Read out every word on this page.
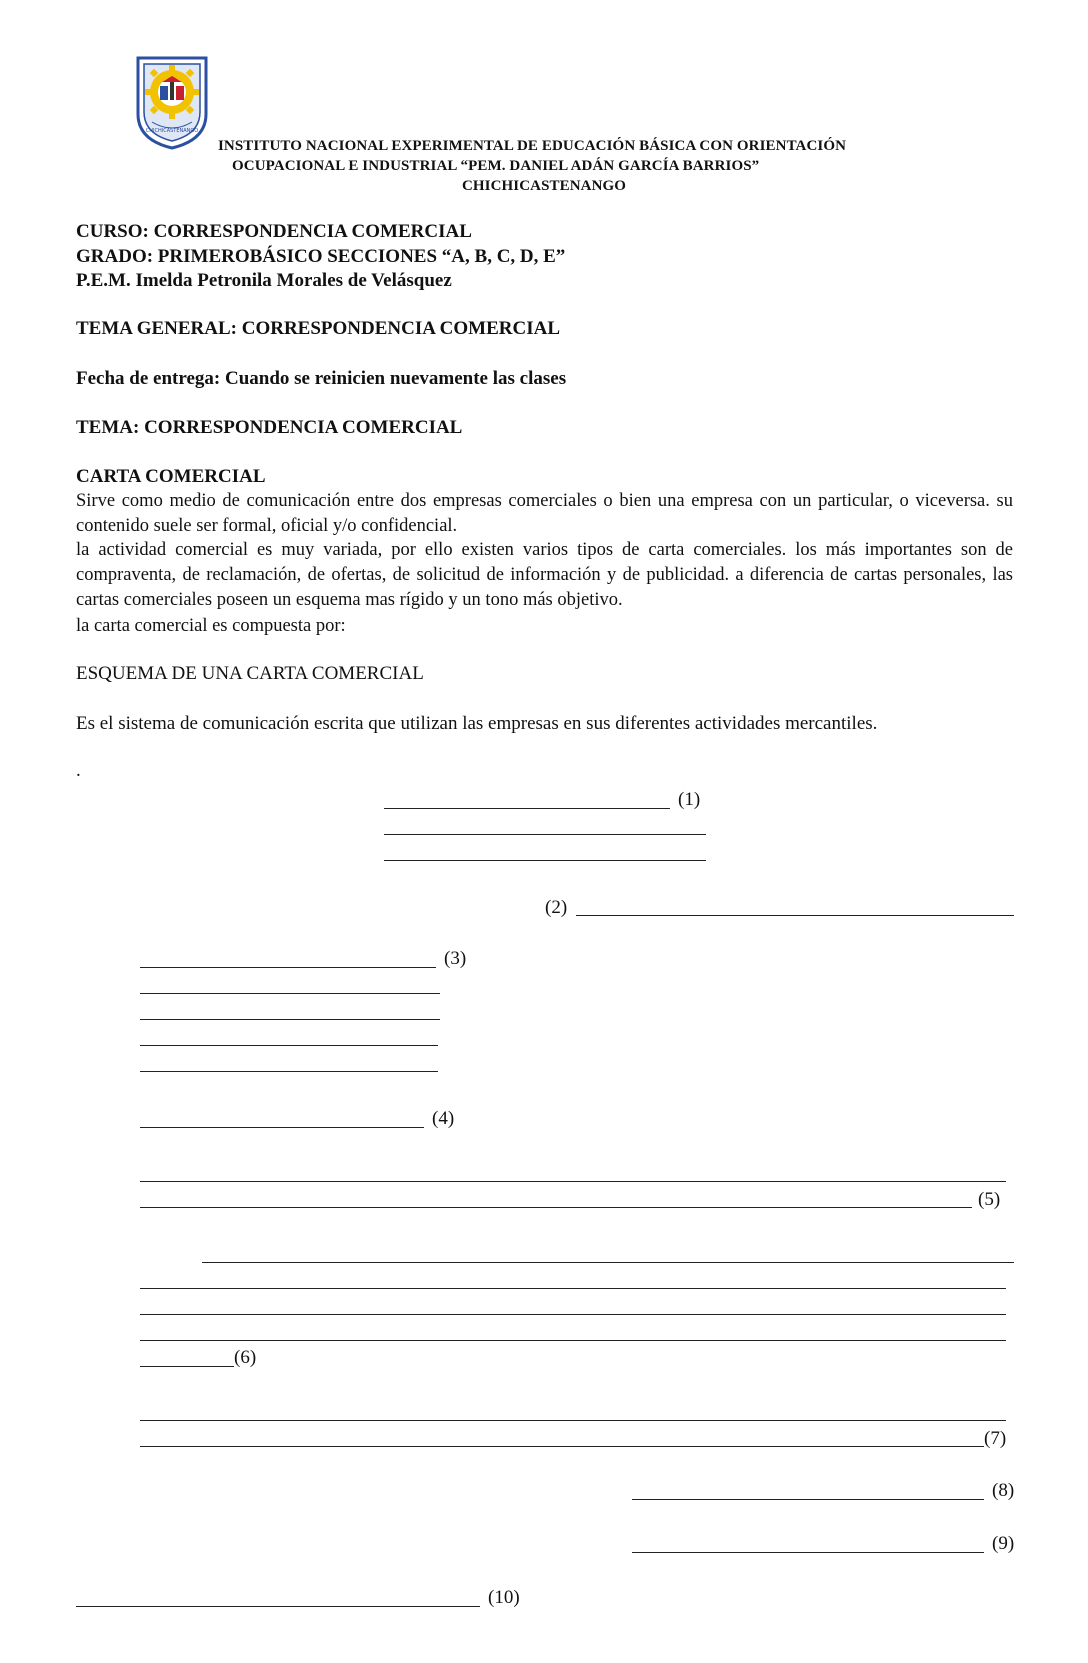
CHICHICASTENANGO
INSTITUTO NACIONAL EXPERIMENTAL DE EDUCACIÓN BÁSICA CON ORIENTACIÓN
OCUPACIONAL E INDUSTRIAL “PEM. DANIEL ADÁN GARCÍA BARRIOS”
CHICHICASTENANGO
CURSO: CORRESPONDENCIA COMERCIAL
GRADO: PRIMEROBÁSICO SECCIONES “A, B, C, D, E”
P.E.M. Imelda Petronila Morales de Velásquez
TEMA GENERAL: CORRESPONDENCIA COMERCIAL
Fecha de entrega: Cuando se reinicien nuevamente las clases
TEMA: CORRESPONDENCIA COMERCIAL
CARTA COMERCIAL
Sirve como medio de comunicación entre dos empresas comerciales o bien una empresa con un particular, o viceversa. su contenido suele ser formal, oficial y/o confidencial.
la actividad comercial es muy variada, por ello existen varios tipos de carta comerciales. los más importantes son de compraventa, de reclamación, de ofertas, de solicitud de información y de publicidad. a diferencia de cartas personales, las cartas comerciales poseen un esquema mas rígido y un tono más objetivo.
la carta comercial es compuesta por:
ESQUEMA DE UNA CARTA COMERCIAL
Es el sistema de comunicación escrita que utilizan las empresas en sus diferentes actividades mercantiles.
.
(1)
(2)
(3)
(4)
(5)
(6)
(7)
(8)
(9)
(10)
